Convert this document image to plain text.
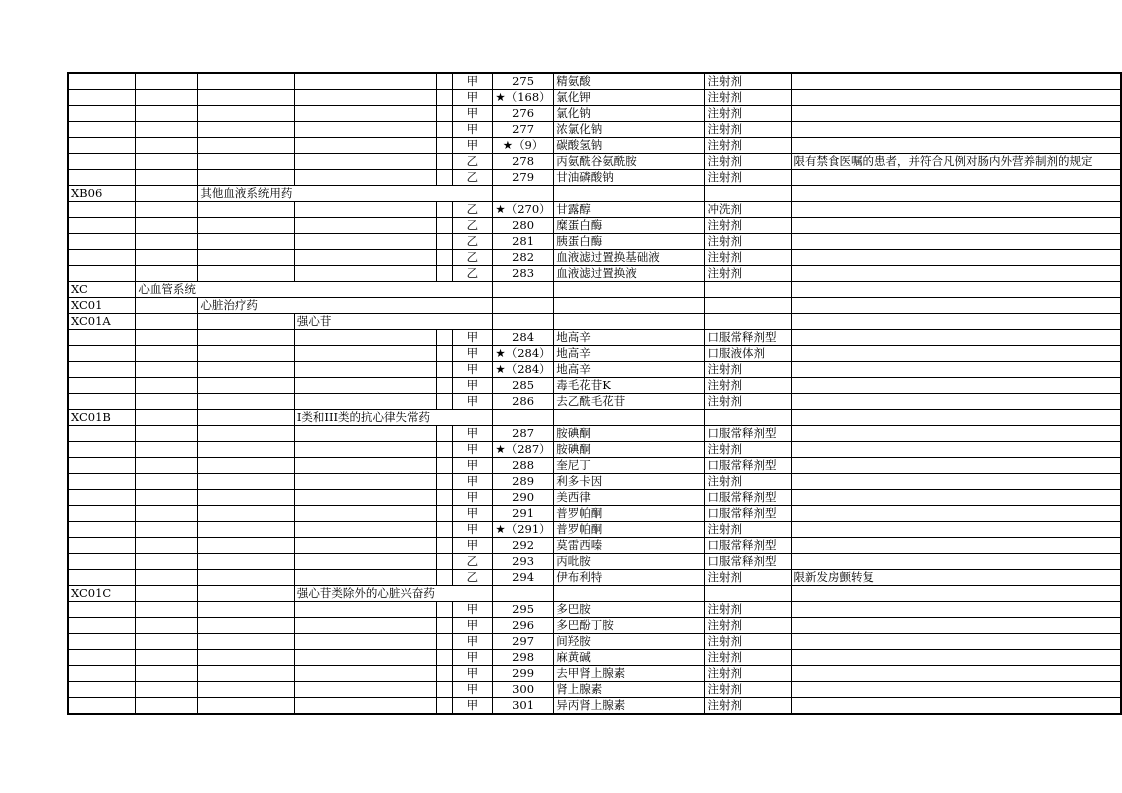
					甲	275	精氨酸	注射剂	
					甲	★（168）	氯化钾	注射剂	
					甲	276	氯化钠	注射剂	
					甲	277	浓氯化钠	注射剂	
					甲	★（9）	碳酸氢钠	注射剂	
					乙	278	丙氨酰谷氨酰胺	注射剂	限有禁食医嘱的患者，并符合凡例对肠内外营养制剂的规定
					乙	279	甘油磷酸钠	注射剂	
XB06		其他血液系统用药							
					乙	★（270）	甘露醇	冲洗剂	
					乙	280	糜蛋白酶	注射剂	
					乙	281	胰蛋白酶	注射剂	
					乙	282	血液滤过置换基础液	注射剂	
					乙	283	血液滤过置换液	注射剂	
XC	心血管系统								
XC01		心脏治疗药							
XC01A			强心苷						
					甲	284	地高辛	口服常释剂型	
					甲	★（284）	地高辛	口服液体剂	
					甲	★（284）	地高辛	注射剂	
					甲	285	毒毛花苷K	注射剂	
					甲	286	去乙酰毛花苷	注射剂	
XC01B			Ⅰ类和III类的抗心律失常药						
					甲	287	胺碘酮	口服常释剂型	
					甲	★（287）	胺碘酮	注射剂	
					甲	288	奎尼丁	口服常释剂型	
					甲	289	利多卡因	注射剂	
					甲	290	美西律	口服常释剂型	
					甲	291	普罗帕酮	口服常释剂型	
					甲	★（291）	普罗帕酮	注射剂	
					甲	292	莫雷西嗪	口服常释剂型	
					乙	293	丙吡胺	口服常释剂型	
					乙	294	伊布利特	注射剂	限新发房颤转复
XC01C			强心苷类除外的心脏兴奋药						
					甲	295	多巴胺	注射剂	
					甲	296	多巴酚丁胺	注射剂	
					甲	297	间羟胺	注射剂	
					甲	298	麻黄碱	注射剂	
					甲	299	去甲肾上腺素	注射剂	
					甲	300	肾上腺素	注射剂	
					甲	301	异丙肾上腺素	注射剂	
